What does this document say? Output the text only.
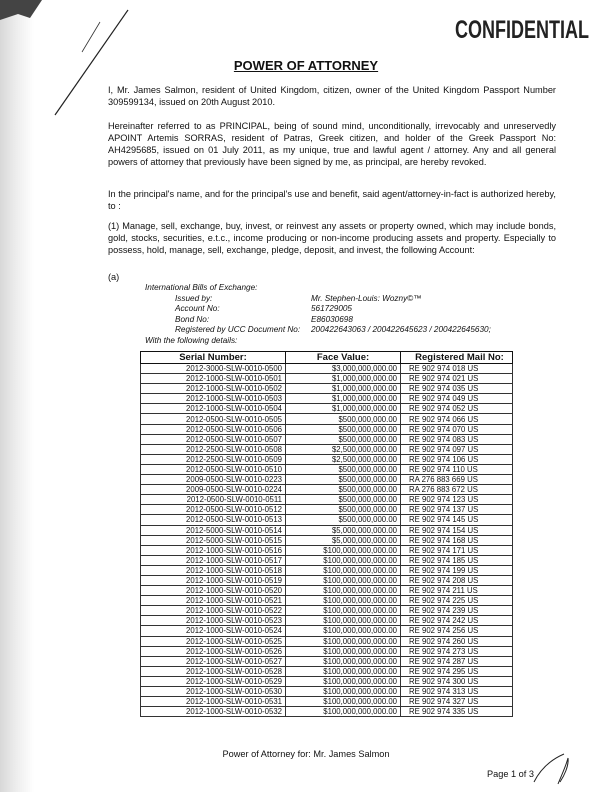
CONFIDENTIAL
POWER OF ATTORNEY
I, Mr. James Salmon, resident of United Kingdom, citizen, owner of the United Kingdom Passport Number 309599134, issued on 20th August 2010.
Hereinafter referred to as PRINCIPAL, being of sound mind, unconditionally, irrevocably and unreservedly APOINT Artemis SORRAS, resident of Patras, Greek citizen, and holder of the Greek Passport No: AH4295685, issued on 01 July 2011, as my unique, true and lawful agent / attorney. Any and all general powers of attorney that previously have been signed by me, as principal, are hereby revoked.
In the principal's name, and for the principal's use and benefit, said agent/attorney-in-fact is authorized hereby, to :
(1) Manage, sell, exchange, buy, invest, or reinvest any assets or property owned, which may include bonds, gold, stocks, securities, e.t.c., income producing or non-income producing assets and property. Especially to possess, hold, manage, sell, exchange, pledge, deposit, and invest, the following Account:
(a)
International Bills of Exchange:
Issued by:	Mr. Stephen-Louis: Wozny©™
Account No:	561729005
Bond No:	E86030698
Registered by UCC Document No: 200422643063 / 200422645623 / 200422645630;
With the following details:
Serial Number:	Face Value:	Registered Mail No:
2012-3000-SLW-0010-0500	$3,000,000,000.00	RE 902 974 018 US
2012-1000-SLW-0010-0501	$1,000,000,000.00	RE 902 974 021 US
2012-1000-SLW-0010-0502	$1,000,000,000.00	RE 902 974 035 US
2012-1000-SLW-0010-0503	$1,000,000,000.00	RE 902 974 049 US
2012-1000-SLW-0010-0504	$1,000,000,000.00	RE 902 974 052 US
2012-0500-SLW-0010-0505	$500,000,000.00	RE 902 974 066 US
2012-0500-SLW-0010-0506	$500,000,000.00	RE 902 974 070 US
2012-0500-SLW-0010-0507	$500,000,000.00	RE 902 974 083 US
2012-2500-SLW-0010-0508	$2,500,000,000.00	RE 902 974 097 US
2012-2500-SLW-0010-0509	$2,500,000,000.00	RE 902 974 106 US
2012-0500-SLW-0010-0510	$500,000,000.00	RE 902 974 110 US
2009-0500-SLW-0010-0223	$500,000,000.00	RA 276 883 669 US
2009-0500-SLW-0010-0224	$500,000,000.00	RA 276 883 672 US
2012-0500-SLW-0010-0511	$500,000,000.00	RE 902 974 123 US
2012-0500-SLW-0010-0512	$500,000,000.00	RE 902 974 137 US
2012-0500-SLW-0010-0513	$500,000,000.00	RE 902 974 145 US
2012-5000-SLW-0010-0514	$5,000,000,000.00	RE 902 974 154 US
2012-5000-SLW-0010-0515	$5,000,000,000.00	RE 902 974 168 US
2012-1000-SLW-0010-0516	$100,000,000,000.00	RE 902 974 171 US
2012-1000-SLW-0010-0517	$100,000,000,000.00	RE 902 974 185 US
2012-1000-SLW-0010-0518	$100,000,000,000.00	RE 902 974 199 US
2012-1000-SLW-0010-0519	$100,000,000,000.00	RE 902 974 208 US
2012-1000-SLW-0010-0520	$100,000,000,000.00	RE 902 974 211 US
2012-1000-SLW-0010-0521	$100,000,000,000.00	RE 902 974 225 US
2012-1000-SLW-0010-0522	$100,000,000,000.00	RE 902 974 239 US
2012-1000-SLW-0010-0523	$100,000,000,000.00	RE 902 974 242 US
2012-1000-SLW-0010-0524	$100,000,000,000.00	RE 902 974 256 US
2012-1000-SLW-0010-0525	$100,000,000,000.00	RE 902 974 260 US
2012-1000-SLW-0010-0526	$100,000,000,000.00	RE 902 974 273 US
2012-1000-SLW-0010-0527	$100,000,000,000.00	RE 902 974 287 US
2012-1000-SLW-0010-0528	$100,000,000,000.00	RE 902 974 295 US
2012-1000-SLW-0010-0529	$100,000,000,000.00	RE 902 974 300 US
2012-1000-SLW-0010-0530	$100,000,000,000.00	RE 902 974 313 US
2012-1000-SLW-0010-0531	$100,000,000,000.00	RE 902 974 327 US
2012-1000-SLW-0010-0532	$100,000,000,000.00	RE 902 974 335 US
Power of Attorney for: Mr. James Salmon
Page 1 of 3
